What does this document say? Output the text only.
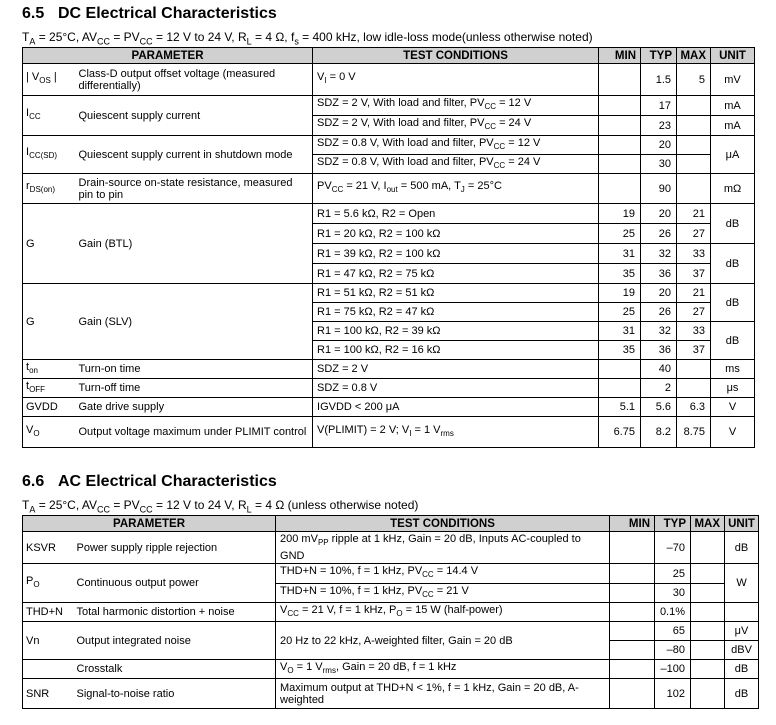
6.5 DC Electrical Characteristics
$T_A = 25^\circ C$, $AV_{CC} = PV_{CC} = 12$ V to 24 V, $R_L = 4$ Ω, $f_s = 400$ kHz, low idle-loss mode(unless otherwise noted)
PARAMETER		TEST CONDITIONS	MIN	TYP	MAX	UNIT
| $V_{OS}$ |	Class-D output offset voltage (measured differentially)	$V_I = 0$ V		1.5	5	mV
$I_{CC}$	Quiescent supply current	SDZ = 2 V, With load and filter, $PV_{CC} = 12$ V		17		mA
		SDZ = 2 V, With load and filter, $PV_{CC} = 24$ V		23		mA
$I_{CC(SD)}$	Quiescent supply current in shutdown mode	SDZ = 0.8 V, With load and filter, $PV_{CC} = 12$ V		20		μA
		SDZ = 0.8 V, With load and filter, $PV_{CC} = 24$ V		30		
$r_{DS(on)}$	Drain-source on-state resistance, measured pin to pin	$PV_{CC} = 21$ V, $I_{out} = 500$ mA, $T_J = 25^\circ C$		90		mΩ
G	Gain (BTL)	R1 = 5.6 kΩ, R2 = Open	19	20	21	dB
		R1 = 20 kΩ, R2 = 100 kΩ	25	26	27	
		R1 = 39 kΩ, R2 = 100 kΩ	31	32	33	dB
		R1 = 47 kΩ, R2 = 75 kΩ	35	36	37	
G	Gain (SLV)	R1 = 51 kΩ, R2 = 51 kΩ	19	20	21	dB
		R1 = 75 kΩ, R2 = 47 kΩ	25	26	27	
		R1 = 100 kΩ, R2 = 39 kΩ	31	32	33	dB
		R1 = 100 kΩ, R2 = 16 kΩ	35	36	37	
$t_{on}$	Turn-on time	SDZ = 2 V		40		ms
$t_{OFF}$	Turn-off time	SDZ = 0.8 V		2		μs
GVDD	Gate drive supply	IGVDD < 200 μA	5.1	5.6	6.3	V
$V_O$	Output voltage maximum under PLIMIT control	V(PLIMIT) = 2 V; $V_I = 1$ $V_{rms}$	6.75	8.2	8.75	V
6.6 AC Electrical Characteristics
$T_A = 25^\circ C$, $AV_{CC} = PV_{CC} = 12$ V to 24 V, $R_L = 4$ Ω (unless otherwise noted)
PARAMETER		TEST CONDITIONS	MIN	TYP	MAX	UNIT
KSVR	Power supply ripple rejection	200 $mV_{PP}$ ripple at 1 kHz, Gain = 20 dB, Inputs AC-coupled to GND		–70		dB
$P_O$	Continuous output power	THD+N = 10%, f = 1 kHz, $PV_{CC} = 14.4$ V		25		W
		THD+N = 10%, f = 1 kHz, $PV_{CC} = 21$ V		30		
THD+N	Total harmonic distortion + noise	$V_{CC} = 21$ V, f = 1 kHz, $P_O = 15$ W (half-power)		0.1%		
Vn	Output integrated noise	20 Hz to 22 kHz, A-weighted filter, Gain = 20 dB		65		μV
				–80		dBV
	Crosstalk	$V_O = 1$ $V_{rms}$, Gain = 20 dB, f = 1 kHz		–100		dB
SNR	Signal-to-noise ratio	Maximum output at THD+N < 1%, f = 1 kHz, Gain = 20 dB, A-weighted		102		dB
